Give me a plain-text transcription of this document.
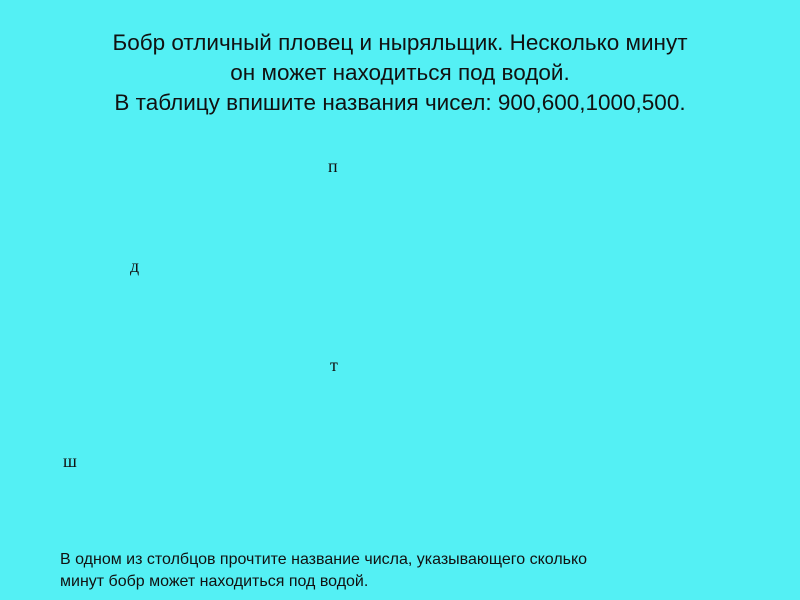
Бобр отличный пловец и ныряльщик. Несколько минут
он может находиться под водой.
В таблицу впишите названия чисел: 900,600,1000,500.
п
д
т
ш
В одном из столбцов прочтите название числа, указывающего сколько
минут бобр может находиться под водой.
